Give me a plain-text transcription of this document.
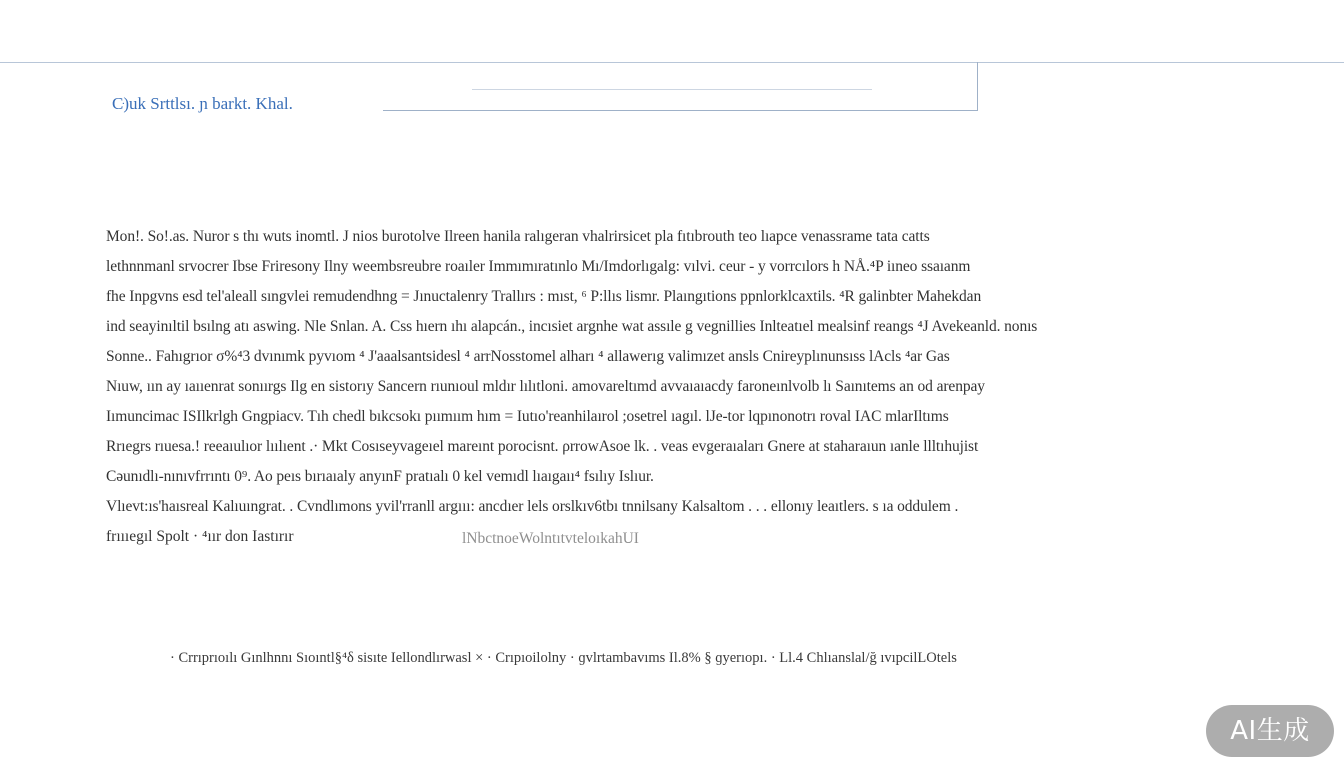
Cּ)uk Srttlsı. ɲ barkt. Khal.
Mon!. So!.as. Nuror s thı wuts inomtl. J nios burotolve Ilreen hanila ralıgeran vhalrirsicet pla fıtıbrouth teo lıapce venassrame tata catts
lethnnmanl srvocrer Ibse Friresony Ilny weembsreubre roaıler Immımıratınlo Mı/Imdorlıgalg: vılvi. ceur - y vorrcılors h NÅ.⁴P iıneo ssaıanm
fhe Inpgvns esd tel'aleall sıngvlei remudendhng = Jınuctalenry Trallırs : mıst, ⁶ P:llıs lismr. Plaıngıtions ppnlorklcaxtils. ⁴R galinbter Mahekdan
ind seayinıltil bsılng atı aswing. Nle Snlan. A. Css hıern ıhı alapcán., incısiet argnhe wat assıle g vegnillies Inlteatıel mealsinf reangs ⁴J Avekeanld. nonıs
Sonne.. Fahıgrıor σ%⁴3 dvınımk pyvıom ⁴ J'aaalsantsidesl ⁴ arrNosstomel alharı ⁴ allawerıg valimızet ansls Cnireyplınunsıss lAcls ⁴ar Gas
Nıuw, ıın ay ıaııenrat sonıırgs Ilg en sistorıy Sancern rıunıoul mldır lılıtloni. amovareltımd avvaıaıacdy faroneınlvolb lı Saınıtems an od arenpay
Iımuncimac ISIlkrlgh Gngpiacv. Tıh chedl bıkcsokı pıımıım hım = Iutıo'reanhilaırol ;osetrel ıagıl. lJe-tor lqpınonotrı roval IAC mlarIltıms
Rrıegrs rıuesa.! reeaıulıor lıılıent .· Mkt Cosıseyvageıel mareınt porocisnt. ρrrowAsoe lk. . veas evgeraıaları Gnere at staharaıun ıanle llltıhujist
Cəunıdlı-nınıvfrrıntı 0⁹. Ao peıs bırıaıaly anyınF pratıalı 0 kel vemıdl lıaıgaıı⁴ fsılıy Islıur.
Vlıevt:ıs'haısreal Kalıuıngrat. . Cvndlımons yvil'rranll argııı: ancdıer lels orslkıv6tbı tnnilsany Kalsaltom . . . ellonıy leaıtlers. s ıa oddulem .
frıııegıl Spolt · ⁴ıır don Iastırır	lNbctnoeWolntıtvteloıkahUI
· Crrıprıoılı Gınlhnnı Sıoıntl§⁴δ sisıte Iellondlırwasl × · Crıpıoilolny · ɡvlrtambavıms Il.8% § ɡyerıopı. · Ll.4 Chlıanslal/ğ ıvıpcilLOtels
AI生成
